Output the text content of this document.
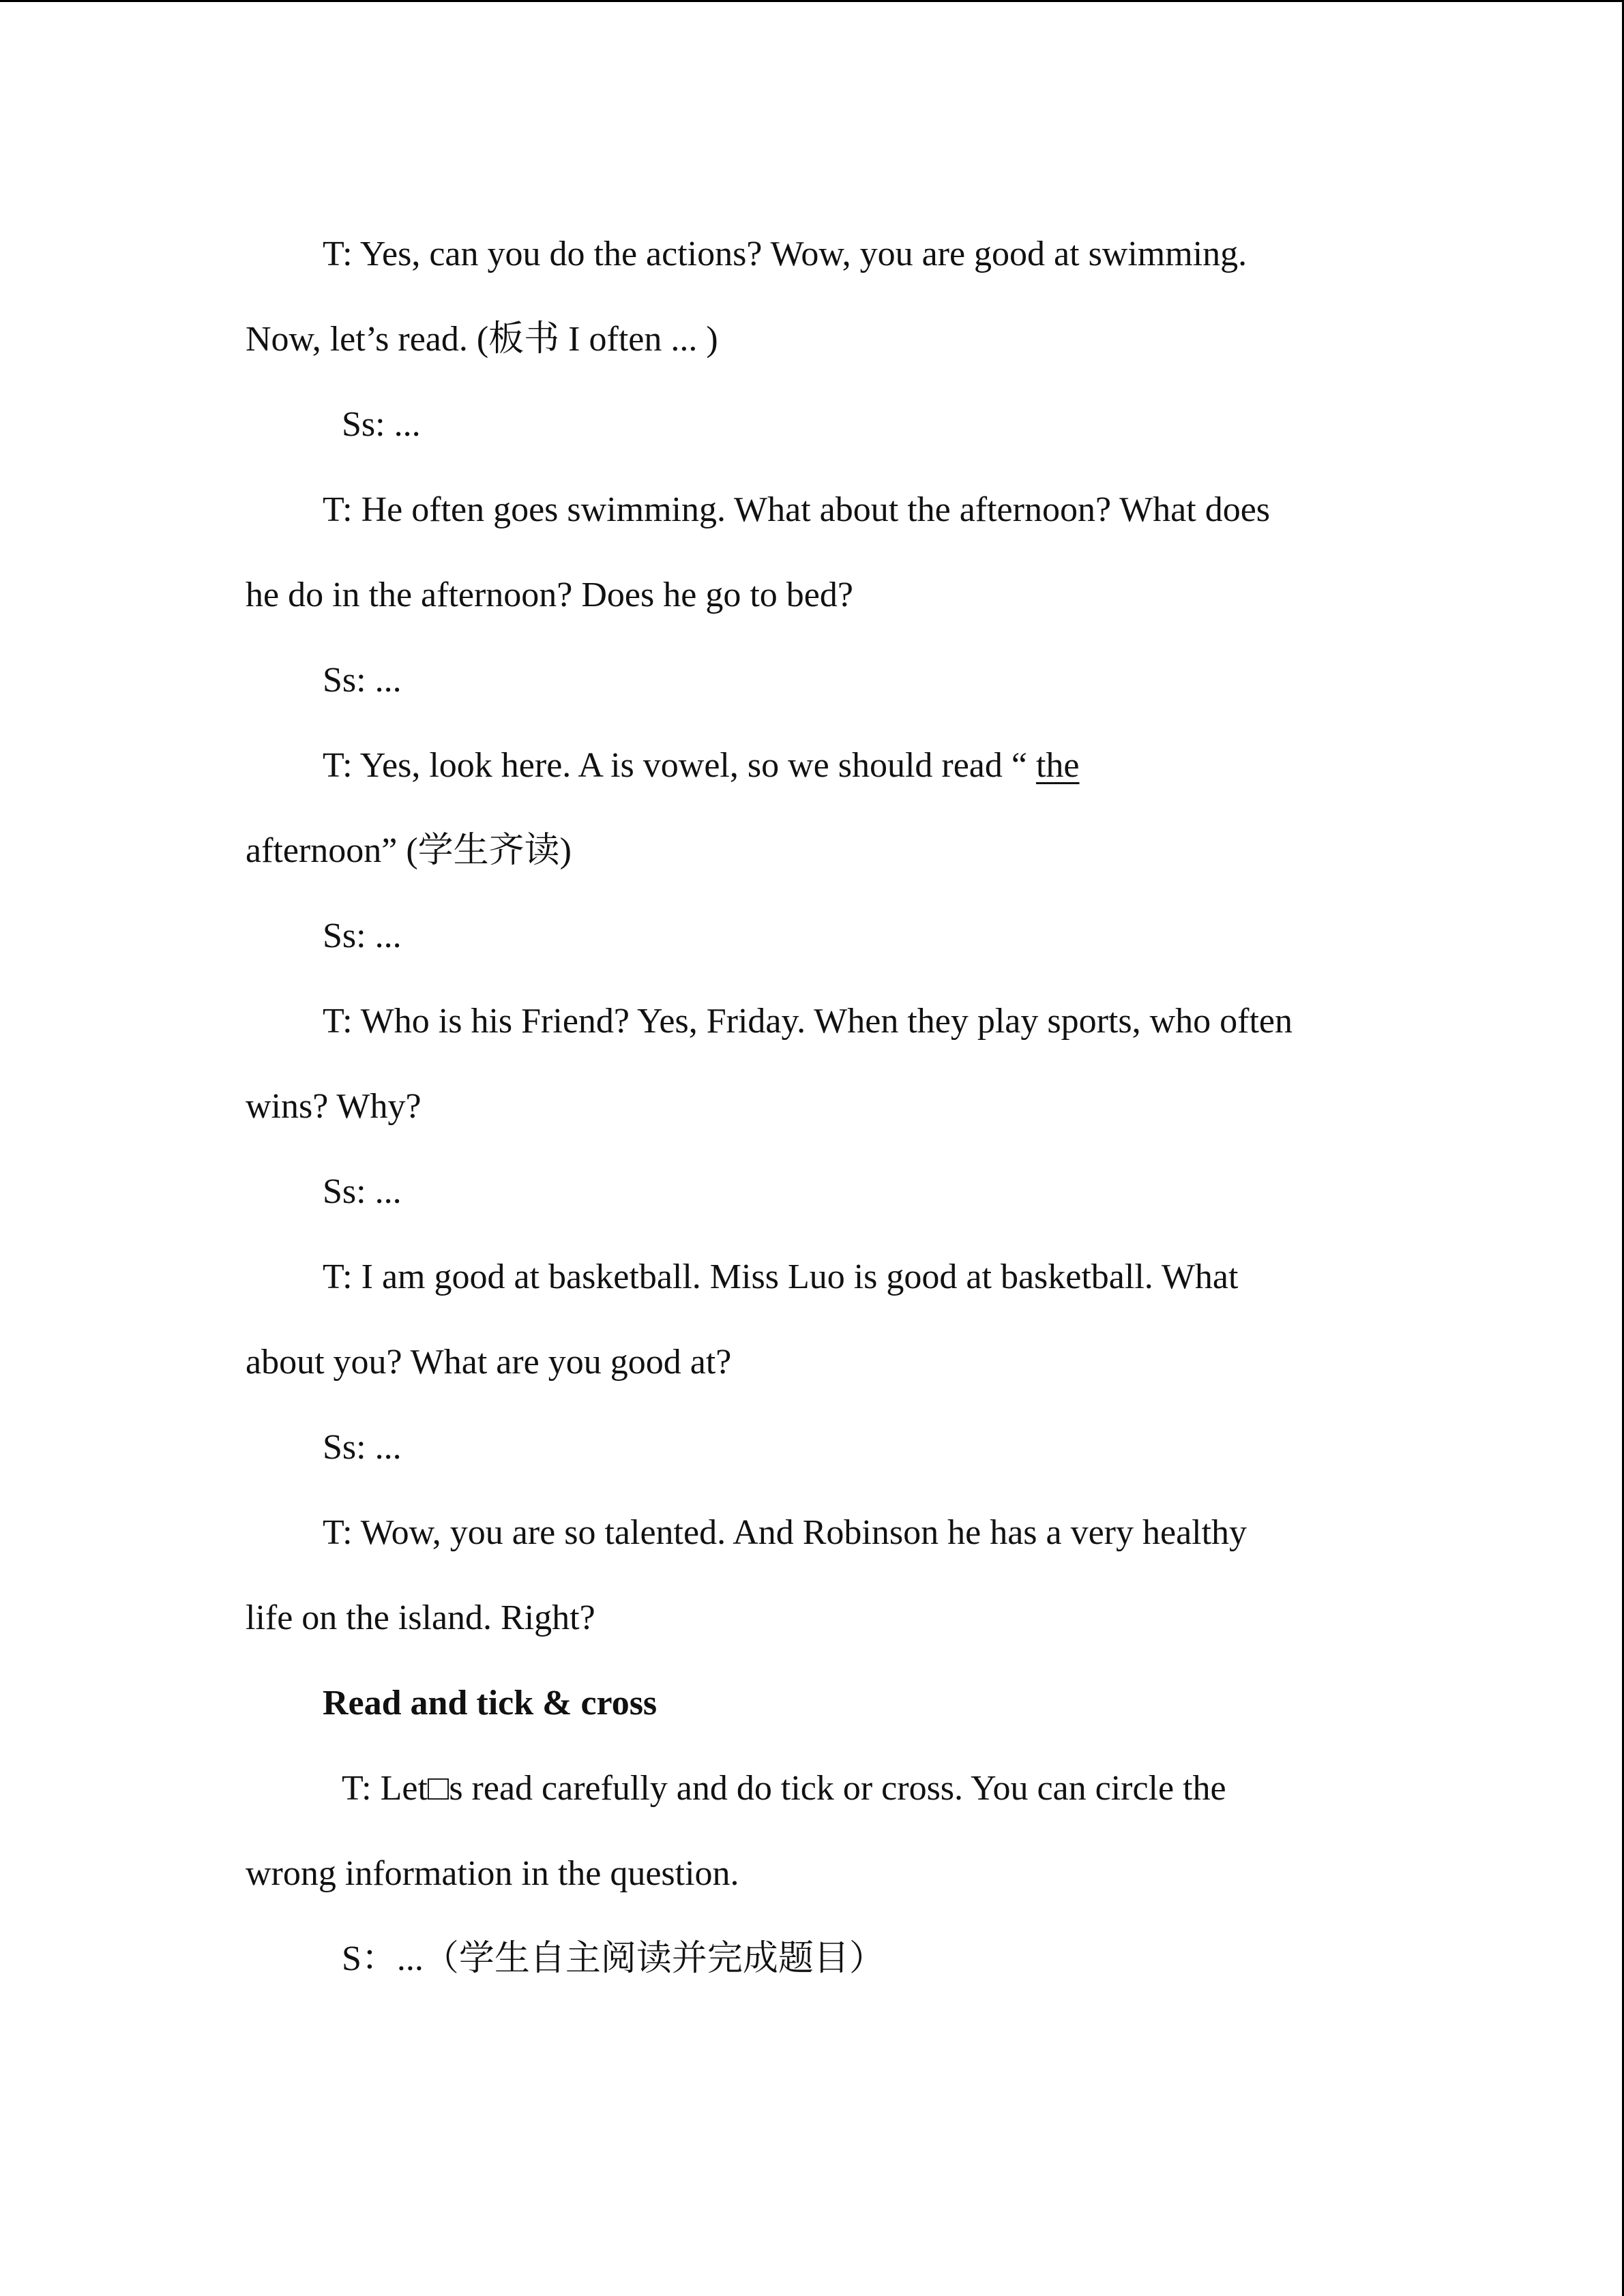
T: Yes, can you do the actions? Wow, you are good at swimming.
Now, let’s read. (板书 I often ... )
Ss: ...
T: He often goes swimming. What about the afternoon? What does
he do in the afternoon? Does he go to bed?
Ss: ...
T: Yes, look here. A is vowel, so we should read “ the
afternoon” (学生齐读)
Ss: ...
T: Who is his Friend? Yes, Friday. When they play sports, who often
wins? Why?
Ss: ...
T: I am good at basketball. Miss Luo is good at basketball. What
about you? What are you good at?
Ss: ...
T: Wow, you are so talented. And Robinson he has a very healthy
life on the island. Right?
Read and tick & cross
T: Let□s read carefully and do tick or cross. You can circle the
wrong information in the question.
S：...（学生自主阅读并完成题目）
